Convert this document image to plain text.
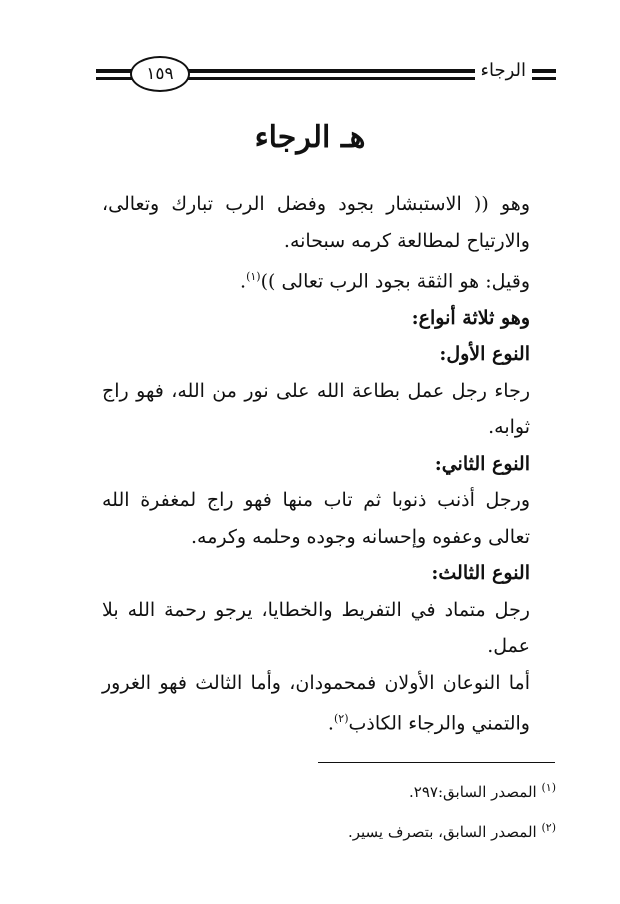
الرجاء
١٥٩
هـ الرجاء

وهو (( الاستبشار بجود وفضل الرب تبارك وتعالى، والارتياح لمطالعة كرمه سبحانه.

وقيل: هو الثقة بجود الرب تعالى ))$^{(١)}$.

وهو ثلاثة أنواع:

النوع الأول:

رجاء رجل عمل بطاعة الله على نور من الله، فهو راج ثوابه.

النوع الثاني:

ورجل أذنب ذنوبا ثم تاب منها فهو راج لمغفرة الله تعالى وعفوه وإحسانه وجوده وحلمه وكرمه.

النوع الثالث:

رجل متماد في التفريط والخطايا، يرجو رحمة الله بلا عمل.

أما النوعان الأولان فمحمودان، وأما الثالث فهو الغرور والتمني والرجاء الكاذب$^{(٢)}$.

$^{(١)}$ المصدر السابق:٢٩٧.

$^{(٢)}$ المصدر السابق، بتصرف يسير.
